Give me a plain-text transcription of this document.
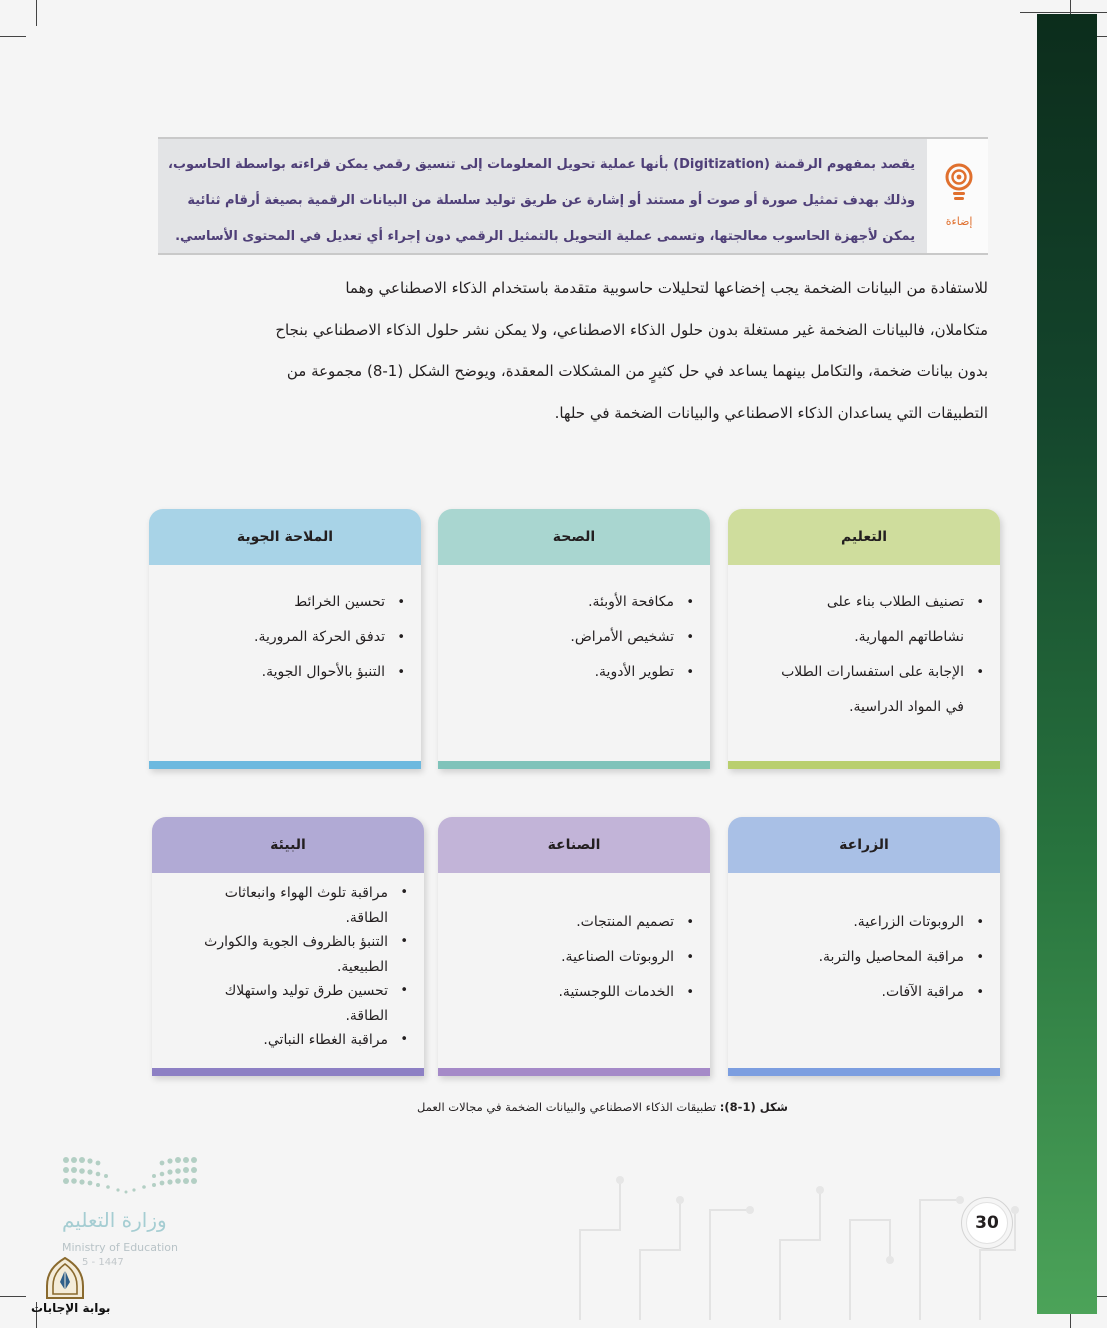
إضاءة
يقصد بمفهوم الرقمنة (Digitization) بأنها عملية تحويل المعلومات إلى تنسيق رقمي يمكن قراءته بواسطة الحاسوب،
وذلك بهدف تمثيل صورة أو صوت أو مستند أو إشارة عن طريق توليد سلسلة من البيانات الرقمية بصيغة أرقام ثنائية
يمكن لأجهزة الحاسوب معالجتها، وتسمى عملية التحويل بالتمثيل الرقمي دون إجراء أي تعديل في المحتوى الأساسي.
للاستفادة من البيانات الضخمة يجب إخضاعها لتحليلات حاسوبية متقدمة باستخدام الذكاء الاصطناعي وهما
متكاملان، فالبيانات الضخمة غير مستغلة بدون حلول الذكاء الاصطناعي، ولا يمكن نشر حلول الذكاء الاصطناعي بنجاح
بدون بيانات ضخمة، والتكامل بينهما يساعد في حل كثيرٍ من المشكلات المعقدة، ويوضح الشكل (1-8) مجموعة من
التطبيقات التي يساعدان الذكاء الاصطناعي والبيانات الضخمة في حلها.
التعليم
• تصنيف الطلاب بناء على
نشاطاتهم المهارية.
• الإجابة على استفسارات الطلاب
في المواد الدراسية.
الصحة
• مكافحة الأوبئة.
• تشخيص الأمراض.
• تطوير الأدوية.
الملاحة الجوية
• تحسين الخرائط
• تدفق الحركة المرورية.
• التنبؤ بالأحوال الجوية.
الزراعة
• الروبوتات الزراعية.
• مراقبة المحاصيل والتربة.
• مراقبة الآفات.
الصناعة
• تصميم المنتجات.
• الروبوتات الصناعية.
• الخدمات اللوجستية.
البيئة
• مراقبة تلوث الهواء وانبعاثات
الطاقة.
• التنبؤ بالظروف الجوية والكوارث
الطبيعية.
• تحسين طرق توليد واستهلاك
الطاقة.
• مراقبة الغطاء النباتي.
شكل (1-8): تطبيقات الذكاء الاصطناعي والبيانات الضخمة في مجالات العمل
30
وزارة التعليم
Ministry of Education
5 - 1447
بوابة الإجابات
